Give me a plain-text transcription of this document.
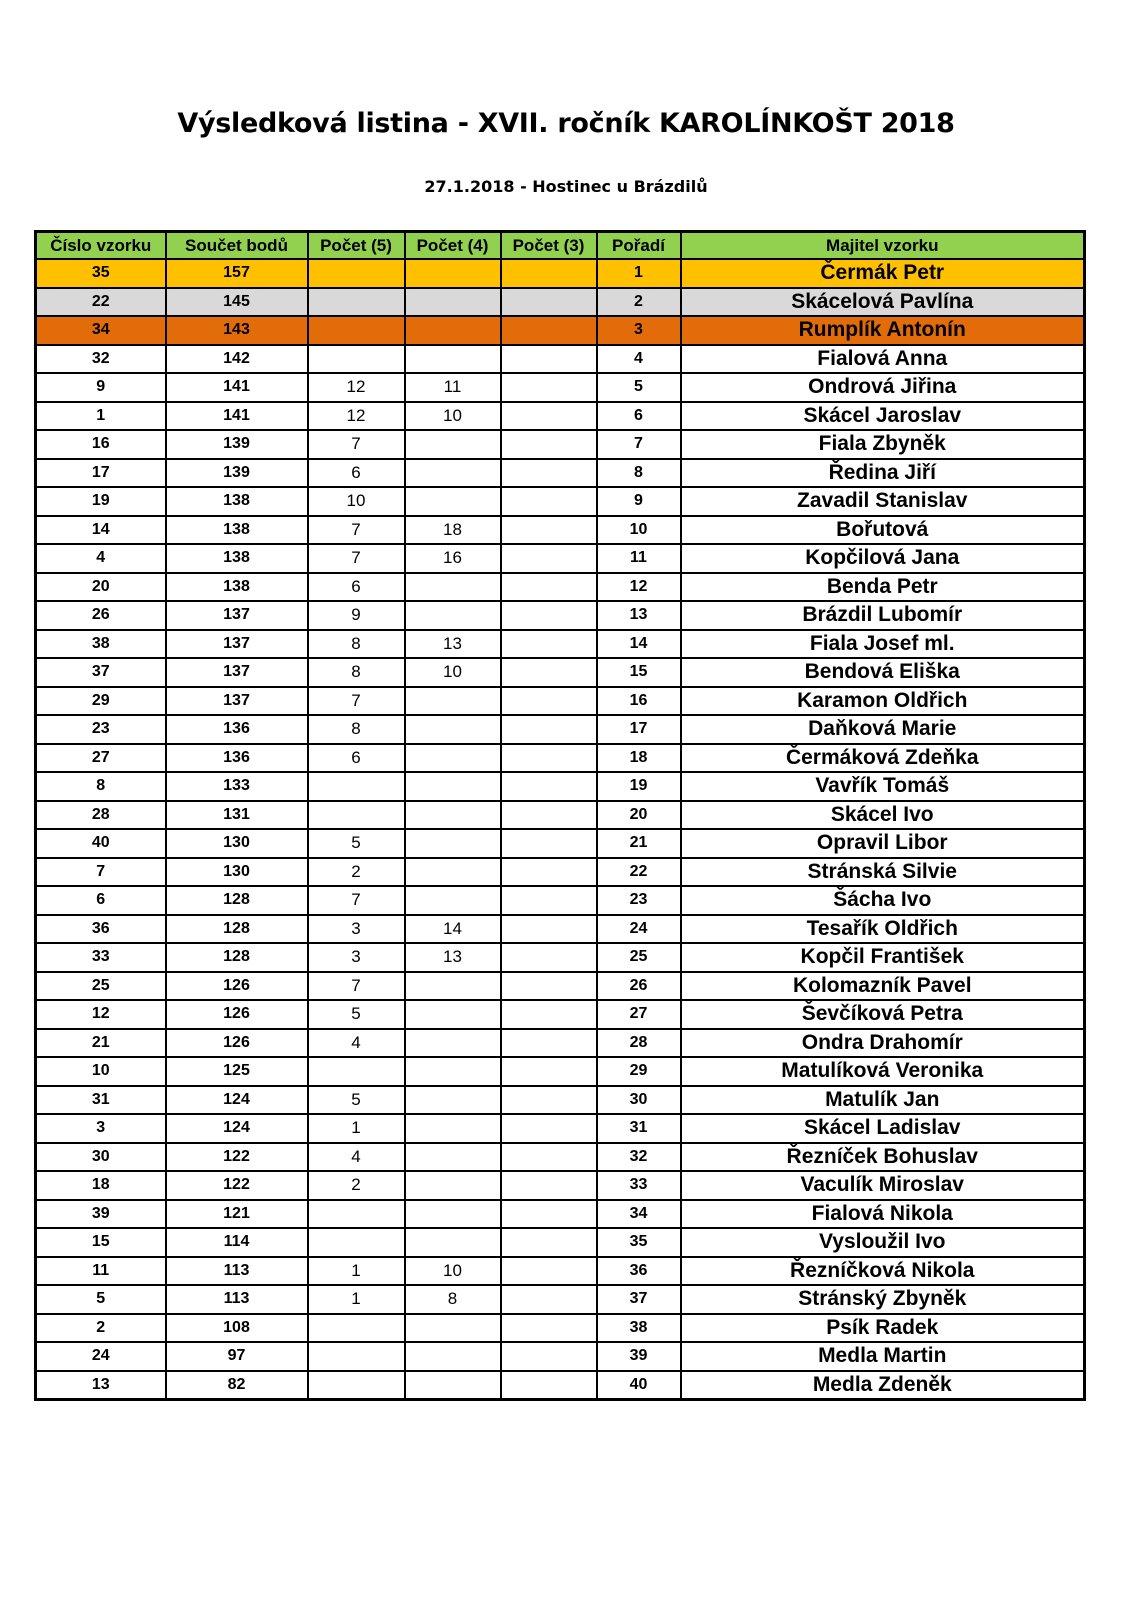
Výsledková listina - XVII. ročník KAROLÍNKOŠT 2018
27.1.2018 - Hostinec u Brázdilů
Číslo vzorku	Součet bodů	Počet (5)	Počet (4)	Počet (3)	Pořadí	Majitel vzorku
35	157				1	Čermák Petr
22	145				2	Skácelová Pavlína
34	143				3	Rumplík Antonín
32	142				4	Fialová Anna
9	141	12	11		5	Ondrová Jiřina
1	141	12	10		6	Skácel Jaroslav
16	139	7			7	Fiala Zbyněk
17	139	6			8	Ředina Jiří
19	138	10			9	Zavadil Stanislav
14	138	7	18		10	Bořutová
4	138	7	16		11	Kopčilová Jana
20	138	6			12	Benda Petr
26	137	9			13	Brázdil Lubomír
38	137	8	13		14	Fiala Josef ml.
37	137	8	10		15	Bendová Eliška
29	137	7			16	Karamon Oldřich
23	136	8			17	Daňková Marie
27	136	6			18	Čermáková Zdeňka
8	133				19	Vavřík Tomáš
28	131				20	Skácel Ivo
40	130	5			21	Opravil Libor
7	130	2			22	Stránská Silvie
6	128	7			23	Šácha Ivo
36	128	3	14		24	Tesařík Oldřich
33	128	3	13		25	Kopčil František
25	126	7			26	Kolomazník Pavel
12	126	5			27	Ševčíková Petra
21	126	4			28	Ondra Drahomír
10	125				29	Matulíková Veronika
31	124	5			30	Matulík Jan
3	124	1			31	Skácel Ladislav
30	122	4			32	Řezníček Bohuslav
18	122	2			33	Vaculík Miroslav
39	121				34	Fialová Nikola
15	114				35	Vysloužil Ivo
11	113	1	10		36	Řezníčková Nikola
5	113	1	8		37	Stránský Zbyněk
2	108				38	Psík Radek
24	97				39	Medla Martin
13	82				40	Medla Zdeněk
